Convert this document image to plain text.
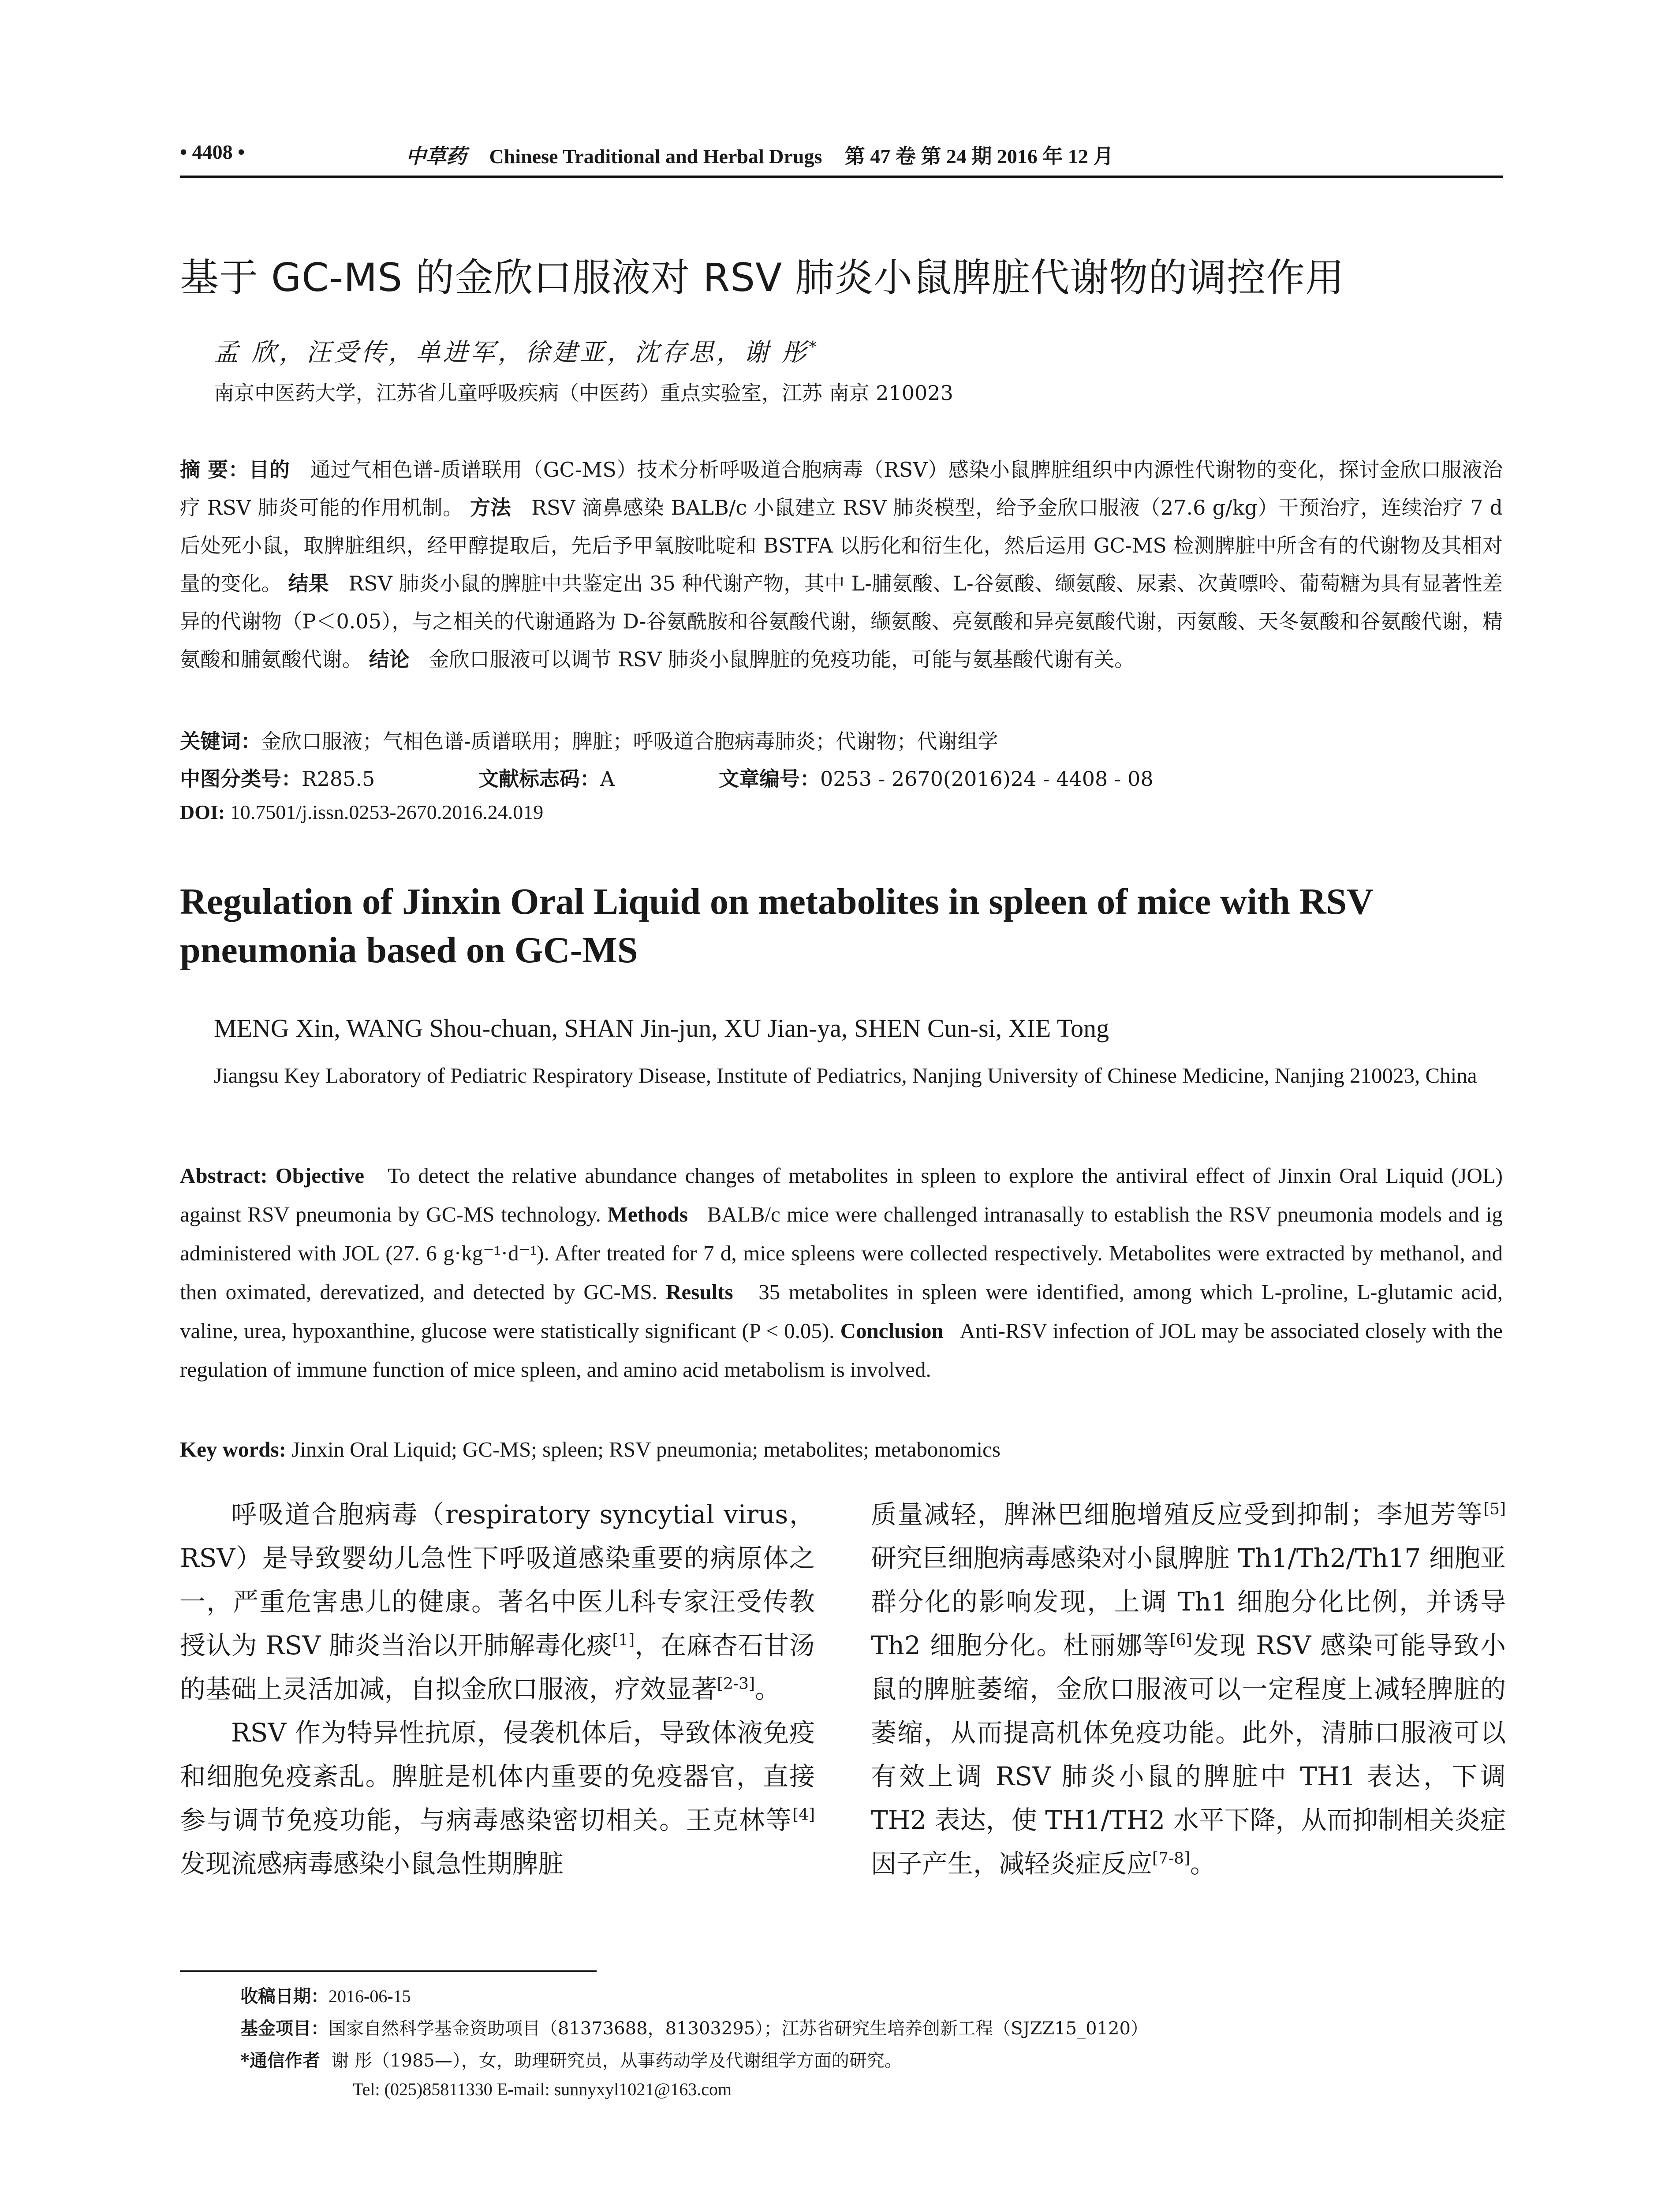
• 4408 •	中草药 Chinese Traditional and Herbal Drugs 第 47 卷 第 24 期 2016 年 12 月
基于 GC-MS 的金欣口服液对 RSV 肺炎小鼠脾脏代谢物的调控作用
孟 欣，汪受传，单进军，徐建亚，沈存思，谢 彤*
南京中医药大学，江苏省儿童呼吸疾病（中医药）重点实验室，江苏 南京 210023
摘 要：目的 通过气相色谱-质谱联用（GC-MS）技术分析呼吸道合胞病毒（RSV）感染小鼠脾脏组织中内源性代谢物的变化，探讨金欣口服液治疗 RSV 肺炎可能的作用机制。 方法 RSV 滴鼻感染 BALB/c 小鼠建立 RSV 肺炎模型，给予金欣口服液（27.6 g/kg）干预治疗，连续治疗 7 d 后处死小鼠，取脾脏组织，经甲醇提取后，先后予甲氧胺吡啶和 BSTFA 以肟化和衍生化，然后运用 GC-MS 检测脾脏中所含有的代谢物及其相对量的变化。 结果 RSV 肺炎小鼠的脾脏中共鉴定出 35 种代谢产物，其中 L-脯氨酸、L-谷氨酸、缬氨酸、尿素、次黄嘌呤、葡萄糖为具有显著性差异的代谢物（P＜0.05），与之相关的代谢通路为 D-谷氨酰胺和谷氨酸代谢，缬氨酸、亮氨酸和异亮氨酸代谢，丙氨酸、天冬氨酸和谷氨酸代谢，精氨酸和脯氨酸代谢。 结论 金欣口服液可以调节 RSV 肺炎小鼠脾脏的免疫功能，可能与氨基酸代谢有关。
关键词：金欣口服液；气相色谱-质谱联用；脾脏；呼吸道合胞病毒肺炎；代谢物；代谢组学
中图分类号：R285.5	文献标志码：A	文章编号：0253 - 2670(2016)24 - 4408 - 08
DOI: 10.7501/j.issn.0253-2670.2016.24.019
Regulation of Jinxin Oral Liquid on metabolites in spleen of mice with RSV pneumonia based on GC-MS
MENG Xin, WANG Shou-chuan, SHAN Jin-jun, XU Jian-ya, SHEN Cun-si, XIE Tong
Jiangsu Key Laboratory of Pediatric Respiratory Disease, Institute of Pediatrics, Nanjing University of Chinese Medicine, Nanjing 210023, China
Abstract: Objective To detect the relative abundance changes of metabolites in spleen to explore the antiviral effect of Jinxin Oral Liquid (JOL) against RSV pneumonia by GC-MS technology. Methods BALB/c mice were challenged intranasally to establish the RSV pneumonia models and ig administered with JOL (27. 6 g·kg⁻¹·d⁻¹). After treated for 7 d, mice spleens were collected respectively. Metabolites were extracted by methanol, and then oximated, derevatized, and detected by GC-MS. Results 35 metabolites in spleen were identified, among which L-proline, L-glutamic acid, valine, urea, hypoxanthine, glucose were statistically significant (P < 0.05). Conclusion Anti-RSV infection of JOL may be associated closely with the regulation of immune function of mice spleen, and amino acid metabolism is involved.
Key words: Jinxin Oral Liquid; GC-MS; spleen; RSV pneumonia; metabolites; metabonomics

呼吸道合胞病毒（respiratory syncytial virus，RSV）是导致婴幼儿急性下呼吸道感染重要的病原体之一，严重危害患儿的健康。著名中医儿科专家汪受传教授认为 RSV 肺炎当治以开肺解毒化痰[1]，在麻杏石甘汤的基础上灵活加减，自拟金欣口服液，疗效显著[2-3]。

RSV 作为特异性抗原，侵袭机体后，导致体液免疫和细胞免疫紊乱。脾脏是机体内重要的免疫器官，直接参与调节免疫功能，与病毒感染密切相关。王克林等[4]发现流感病毒感染小鼠急性期脾脏

质量减轻，脾淋巴细胞增殖反应受到抑制；李旭芳等[5]研究巨细胞病毒感染对小鼠脾脏 Th1/Th2/Th17 细胞亚群分化的影响发现，上调 Th1 细胞分化比例，并诱导 Th2 细胞分化。杜丽娜等[6]发现 RSV 感染可能导致小鼠的脾脏萎缩，金欣口服液可以一定程度上减轻脾脏的萎缩，从而提高机体免疫功能。此外，清肺口服液可以有效上调 RSV 肺炎小鼠的脾脏中 TH1 表达，下调 TH2 表达，使 TH1/TH2 水平下降，从而抑制相关炎症因子产生，减轻炎症反应[7-8]。

收稿日期：2016-06-15
基金项目：国家自然科学基金资助项目（81373688，81303295）；江苏省研究生培养创新工程（SJZZ15_0120）
*通信作者 谢 彤（1985—），女，助理研究员，从事药动学及代谢组学方面的研究。
Tel: (025)85811330 E-mail: sunnyxyl1021@163.com
